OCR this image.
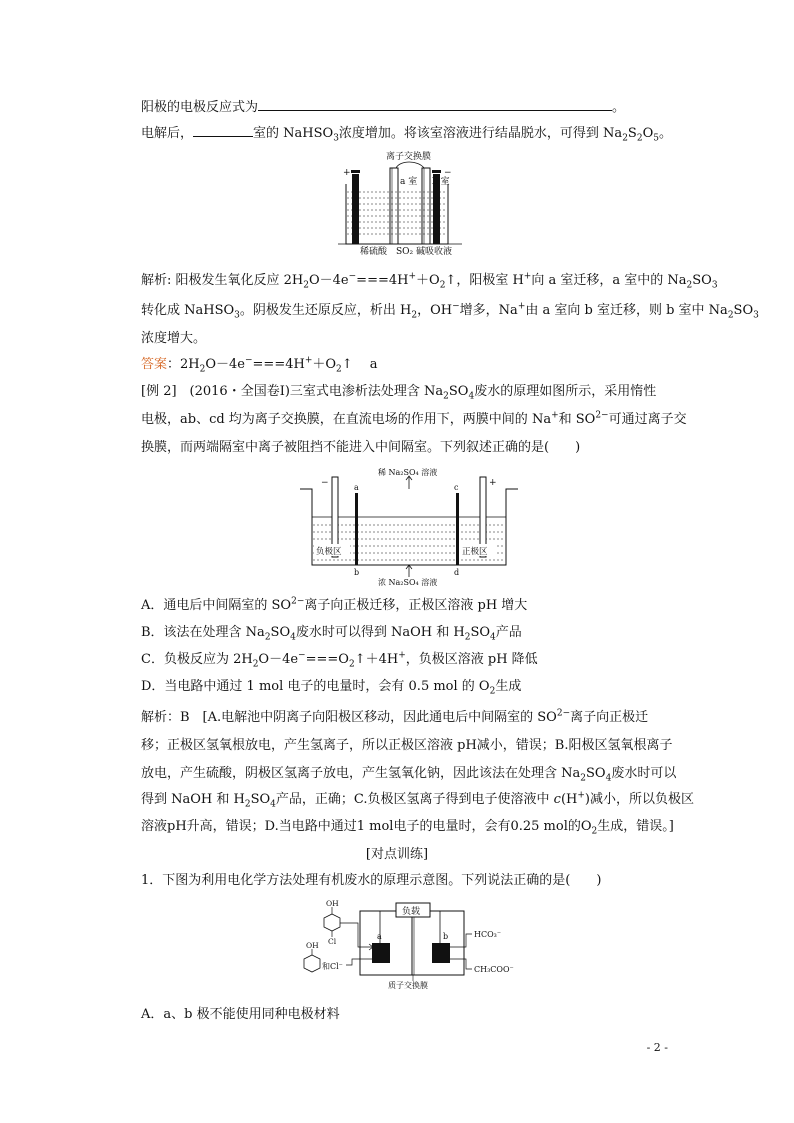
阳极的电极反应式为	。
电解后，	室的 NaHSO$_3$浓度增加。将该室溶液进行结晶脱水，可得到 $Na_2S_2O_5$。
离子交换膜
+	−
a 室 b 室
稀硫酸 SO₂ 碱吸收液
解析: 阳极发生氧化反应 $2H_2O-4e^-===4H^++O_2↑$，阳极室 H+向 a 室迁移，a 室中的 $Na_2SO_3$
转化成 NaHSO$_3$。阴极发生还原反应，析出 $H_2$，OH−增多，Na+由 a 室向 b 室迁移，则 b 室中 $Na_2SO_3$
浓度增大。
答案：$2H_2O-4e^-===4H^++O_2↑$　 a
[例 2]　(2016・全国卷Ⅰ)三室式电渗析法处理含 $Na_2SO_4$废水的原理如图所示，采用惰性
电极，ab、cd 均为离子交换膜，在直流电场的作用下，两膜中间的 Na+和 $SO^{2-}$可通过离子交
换膜，而两端隔室中离子被阻挡不能进入中间隔室。下列叙述正确的是(　　)
稀 Na₂SO₄ 溶液
−	+
a	c
b	d
负极区	正极区
浓 Na₂SO₄ 溶液
A．通电后中间隔室的 $SO^{2-}$离子向正极迁移，正极区溶液 pH 增大
B．该法在处理含 $Na_2SO_4$废水时可以得到 NaOH 和 $H_2SO_4$产品
C．负极反应为 $2H_2O-4e^-===O_2↑+4H^+$，负极区溶液 pH 降低
D．当电路中通过 1 mol 电子的电量时，会有 0.5 mol 的 $O_2$生成
解析：B　[A.电解池中阴离子向阳极区移动，因此通电后中间隔室的 $SO^{2-}$离子向正极迁
移；正极区氢氧根放电，产生氢离子，所以正极区溶液 pH减小，错误；B.阳极区氢氧根离子
放电，产生硫酸，阴极区氢离子放电，产生氢氧化钠，因此该法在处理含 $Na_2SO_4$废水时可以
得到 NaOH 和 $H_2SO_4$产品，正确；C.负极区氢离子得到电子使溶液中 c(H+)减小，所以负极区
溶液pH升高，错误；D.当电路中通过1 mol电子的电量时，会有0.25 mol的$O_2$生成，错误。]
[对点训练]
1．下图为利用电化学方法处理有机废水的原理示意图。下列说法正确的是(　　)
负载
a	b
质子交换膜
OH
Cl
OH
和Cl⁻
HCO₃⁻
CH₃COO⁻
A．a、b 极不能使用同种电极材料
- 2 -
